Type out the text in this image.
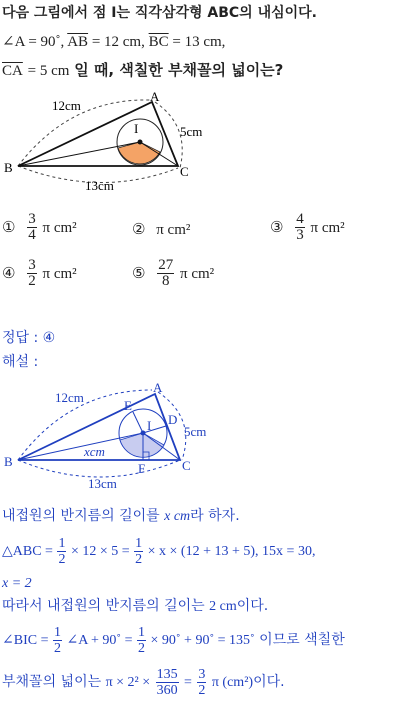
다음 그림에서 점 I는 직각삼각형 ABC의 내심이다.
∠A = 90˚, $\overline{AB} = 12$ cm, $\overline{BC} = 13$ cm,
$\overline{CA} = 5$ cm 일 때, 색칠한 부채꼴의 넓이는?
A
B	C
I
12cm
5cm
13cm
① $\frac{3}{4}$ π cm²	② π cm²	③ $\frac{4}{3}$ π cm²
④ $\frac{3}{2}$ π cm²	⑤ $\frac{27}{8}$ π cm²
정답 : ④
해설 :
A
B	C
I D
E
F
12cm
5cm
13cm
xcm
내접원의 반지름의 길이를 x cm라 하자.
△ABC = $\frac{1}{2} \times 12 \times 5 = \frac{1}{2} \times x \times (12 + 13 + 5)$, 15x = 30,
x = 2
따라서 내접원의 반지름의 길이는 2 cm이다.
∠BIC = $\frac{1}{2}$ ∠A + 90˚ = $\frac{1}{2}$ × 90˚ + 90˚ = 135˚ 이므로 색칠한
부채꼴의 넓이는 $\pi \times 2^2 \times \frac{135}{360} = \frac{3}{2}$ π (cm²)이다.
